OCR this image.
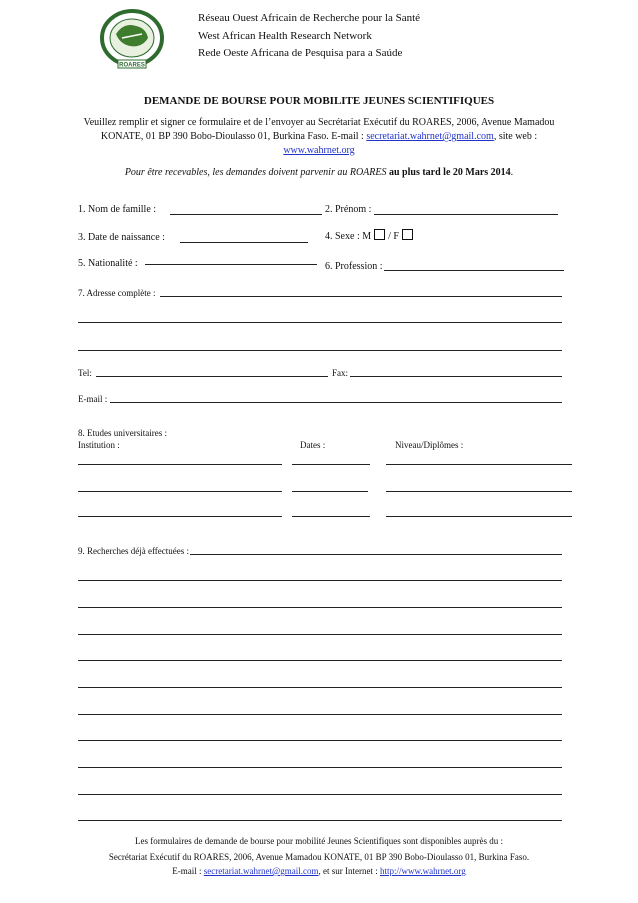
ROARES
Réseau Ouest Africain de Recherche pour la Santé
West African Health Research Network
Rede Oeste Africana de Pesquisa para a Saúde
DEMANDE DE BOURSE POUR MOBILITE JEUNES SCIENTIFIQUES
Veuillez remplir et signer ce formulaire et de l’envoyer au Secrétariat Exécutif du ROARES, 2006, Avenue Mamadou
KONATE, 01 BP 390 Bobo-Dioulasso 01, Burkina Faso. E-mail : secretariat.wahrnet@gmail.com, site web :
www.wahrnet.org
Pour être recevables, les demandes doivent parvenir au ROARES au plus tard le 20 Mars 2014.
1. Nom de famille :	2. Prénom :
3. Date de naissance :	4. Sexe : M / F
5. Nationalité :	6. Profession :
7. Adresse complète :
Tel:	Fax:
E-mail :
8. Etudes universitaires :
Institution :	Dates :	Niveau/Diplômes :
9. Recherches déjà effectuées :
Les formulaires de demande de bourse pour mobilité Jeunes Scientifiques sont disponibles auprès du :
Secrétariat Exécutif du ROARES, 2006, Avenue Mamadou KONATE, 01 BP 390 Bobo-Dioulasso 01, Burkina Faso.
E-mail : secretariat.wahrnet@gmail.com, et sur Internet : http://www.wahrnet.org
